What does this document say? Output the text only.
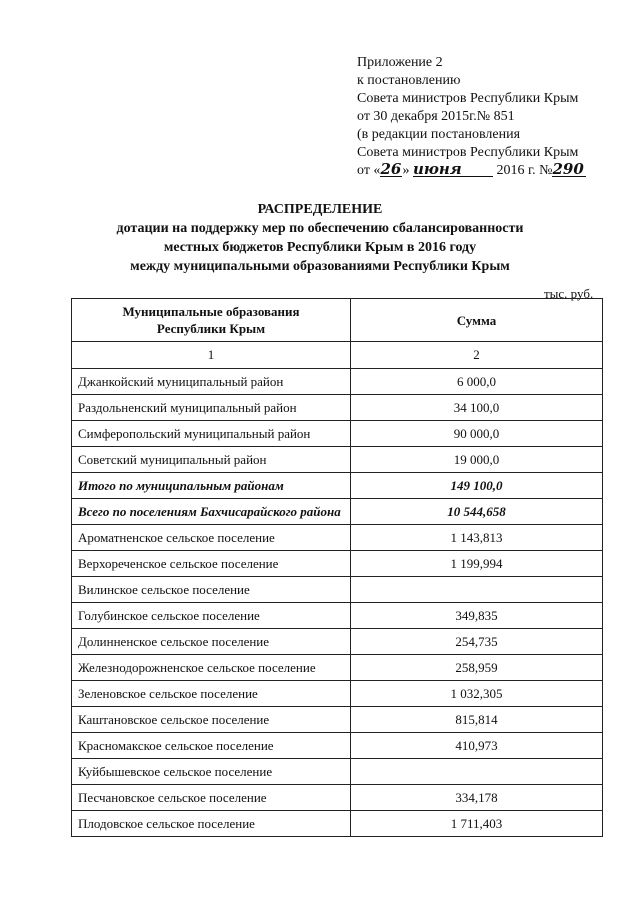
Приложение 2
к постановлению
Совета министров Республики Крым
от 30 декабря 2015г.№ 851
(в редакции постановления
Совета министров Республики Крым
от «26» июня 2016 г. №290
РАСПРЕДЕЛЕНИЕ
дотации на поддержку мер по обеспечению сбалансированности
местных бюджетов Республики Крым в 2016 году
между муниципальными образованиями Республики Крым
тыс. руб.
Муниципальные образования
Республики Крым	Сумма
1	2
Джанкойский муниципальный район	6 000,0
Раздольненский муниципальный район	34 100,0
Симферопольский муниципальный район	90 000,0
Советский муниципальный район	19 000,0
Итого по муниципальным районам	149 100,0
Всего по поселениям Бахчисарайского района	10 544,658
Ароматненское сельское поселение	1 143,813
Верхореченское сельское поселение	1 199,994
Вилинское сельское поселение	
Голубинское сельское поселение	349,835
Долинненское сельское поселение	254,735
Железнодорожненское сельское поселение	258,959
Зеленовское сельское поселение	1 032,305
Каштановское сельское поселение	815,814
Красномакское сельское поселение	410,973
Куйбышевское сельское поселение	
Песчановское сельское поселение	334,178
Плодовское сельское поселение	1 711,403
